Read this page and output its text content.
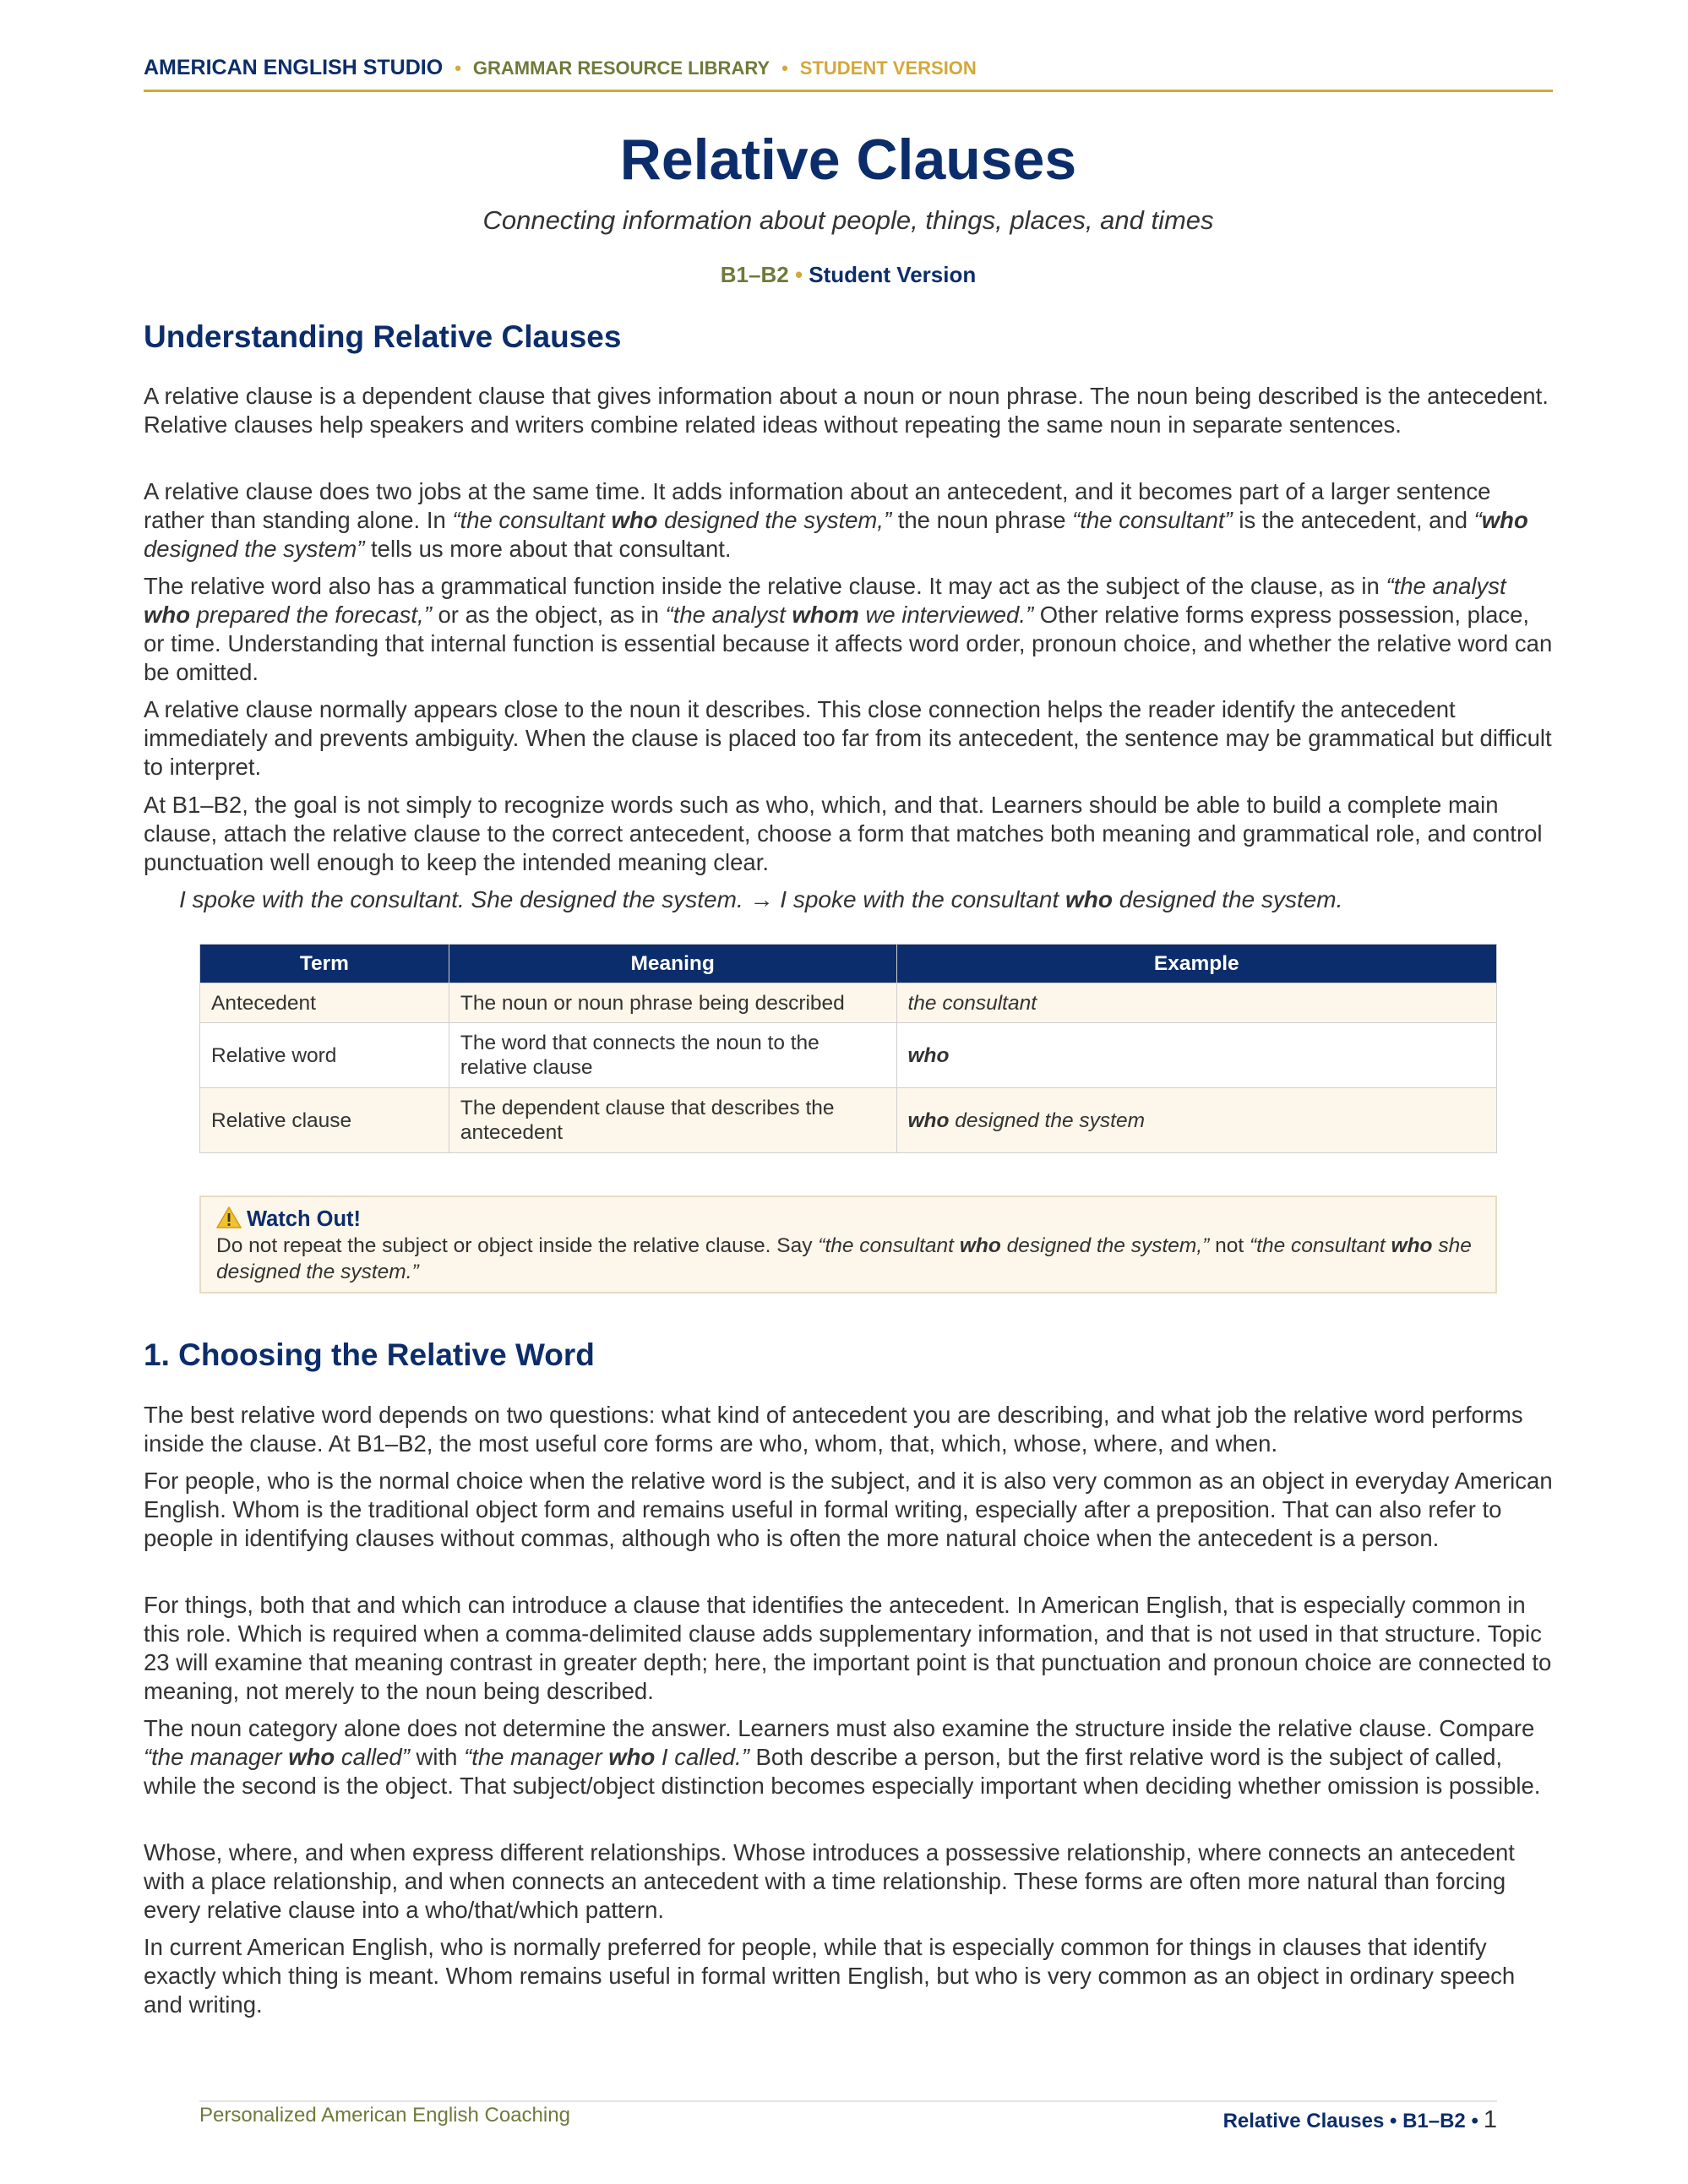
AMERICAN ENGLISH STUDIO • GRAMMAR RESOURCE LIBRARY • STUDENT VERSION
Relative Clauses

Connecting information about people, things, places, and times

B1–B2 • Student Version
Understanding Relative Clauses

A relative clause is a dependent clause that gives information about a noun or noun phrase. The noun being described is the antecedent. Relative clauses help speakers and writers combine related ideas without repeating the same noun in separate sentences.

A relative clause does two jobs at the same time. It adds information about an antecedent, and it becomes part of a larger sentence rather than standing alone. In “the consultant who designed the system,” the noun phrase “the consultant” is the antecedent, and “who designed the system” tells us more about that consultant.

The relative word also has a grammatical function inside the relative clause. It may act as the subject of the clause, as in “the analyst who prepared the forecast,” or as the object, as in “the analyst whom we interviewed.” Other relative forms express possession, place, or time. Understanding that internal function is essential because it affects word order, pronoun choice, and whether the relative word can be omitted.

A relative clause normally appears close to the noun it describes. This close connection helps the reader identify the antecedent immediately and prevents ambiguity. When the clause is placed too far from its antecedent, the sentence may be grammatical but difficult to interpret.

At B1–B2, the goal is not simply to recognize words such as who, which, and that. Learners should be able to build a complete main clause, attach the relative clause to the correct antecedent, choose a form that matches both meaning and grammatical role, and control punctuation well enough to keep the intended meaning clear.

I spoke with the consultant. She designed the system. → I spoke with the consultant who designed the system.

Term	Meaning	Example
Antecedent	The noun or noun phrase being described	the consultant
Relative word	The word that connects the noun to the relative clause	who
Relative clause	The dependent clause that describes the antecedent	who designed the system
Watch Out!
Do not repeat the subject or object inside the relative clause. Say “the consultant who designed the system,” not “the consultant who she designed the system.”
1. Choosing the Relative Word

The best relative word depends on two questions: what kind of antecedent you are describing, and what job the relative word performs inside the clause. At B1–B2, the most useful core forms are who, whom, that, which, whose, where, and when.

For people, who is the normal choice when the relative word is the subject, and it is also very common as an object in everyday American English. Whom is the traditional object form and remains useful in formal writing, especially after a preposition. That can also refer to people in identifying clauses without commas, although who is often the more natural choice when the antecedent is a person.

For things, both that and which can introduce a clause that identifies the antecedent. In American English, that is especially common in this role. Which is required when a comma-delimited clause adds supplementary information, and that is not used in that structure. Topic 23 will examine that meaning contrast in greater depth; here, the important point is that punctuation and pronoun choice are connected to meaning, not merely to the noun being described.

The noun category alone does not determine the answer. Learners must also examine the structure inside the relative clause. Compare “the manager who called” with “the manager who I called.” Both describe a person, but the first relative word is the subject of called, while the second is the object. That subject/object distinction becomes especially important when deciding whether omission is possible.

Whose, where, and when express different relationships. Whose introduces a possessive relationship, where connects an antecedent with a place relationship, and when connects an antecedent with a time relationship. These forms are often more natural than forcing every relative clause into a who/that/which pattern.

In current American English, who is normally preferred for people, while that is especially common for things in clauses that identify exactly which thing is meant. Whom remains useful in formal written English, but who is very common as an object in ordinary speech and writing.

Personalized American English Coaching	Relative Clauses • B1–B2 • 1
